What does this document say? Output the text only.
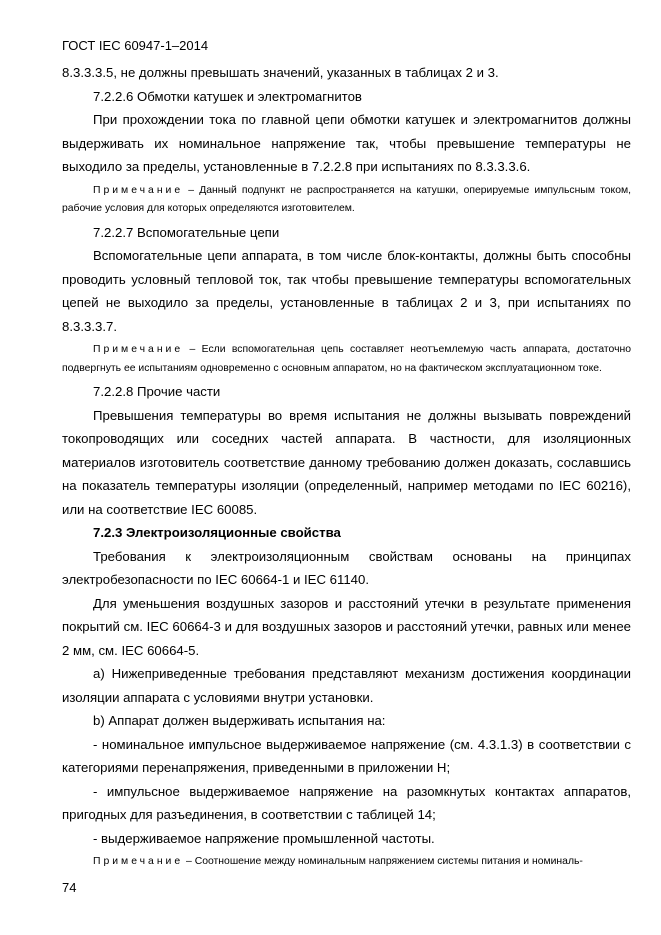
ГОСТ IEC 60947-1–2014

8.3.3.3.5, не должны превышать значений, указанных в таблицах 2 и 3.

7.2.2.6 Обмотки катушек и электромагнитов

При прохождении тока по главной цепи обмотки катушек и электромагнитов должны выдерживать их номинальное напряжение так, чтобы превышение температуры не выходило за пределы, установленные в 7.2.2.8 при испытаниях по 8.3.3.3.6.

Примечание – Данный подпункт не распространяется на катушки, оперируемые импульсным током, рабочие условия для которых определяются изготовителем.

7.2.2.7 Вспомогательные цепи

Вспомогательные цепи аппарата, в том числе блок-контакты, должны быть способны проводить условный тепловой ток, так чтобы превышение температуры вспомогательных цепей не выходило за пределы, установленные в таблицах 2 и 3, при испытаниях по 8.3.3.3.7.

Примечание – Если вспомогательная цепь составляет неотъемлемую часть аппарата, достаточно подвергнуть ее испытаниям одновременно с основным аппаратом, но на фактическом эксплуатационном токе.

7.2.2.8 Прочие части

Превышения температуры во время испытания не должны вызывать повреждений токопроводящих или соседних частей аппарата. В частности, для изоляционных материалов изготовитель соответствие данному требованию должен доказать, сославшись на показатель температуры изоляции (определенный, например методами по IEC 60216), или на соответствие IEC 60085.

7.2.3 Электроизоляционные свойства

Требования к электроизоляционным свойствам основаны на принципах электробезопасности по IEC 60664-1 и IEC 61140.

Для уменьшения воздушных зазоров и расстояний утечки в результате применения покрытий см. IEC 60664-3 и для воздушных зазоров и расстояний утечки, равных или менее 2 мм, см. IEC 60664-5.

а) Нижеприведенные требования представляют механизм достижения координации изоляции аппарата с условиями внутри установки.

b) Аппарат должен выдерживать испытания на:

- номинальное импульсное выдерживаемое напряжение (см. 4.3.1.3) в соответствии с категориями перенапряжения, приведенными в приложении H;

- импульсное выдерживаемое напряжение на разомкнутых контактах аппаратов, пригодных для разъединения, в соответствии с таблицей 14;

- выдерживаемое напряжение промышленной частоты.

Примечание – Соотношение между номинальным напряжением системы питания и номиналь-

74
